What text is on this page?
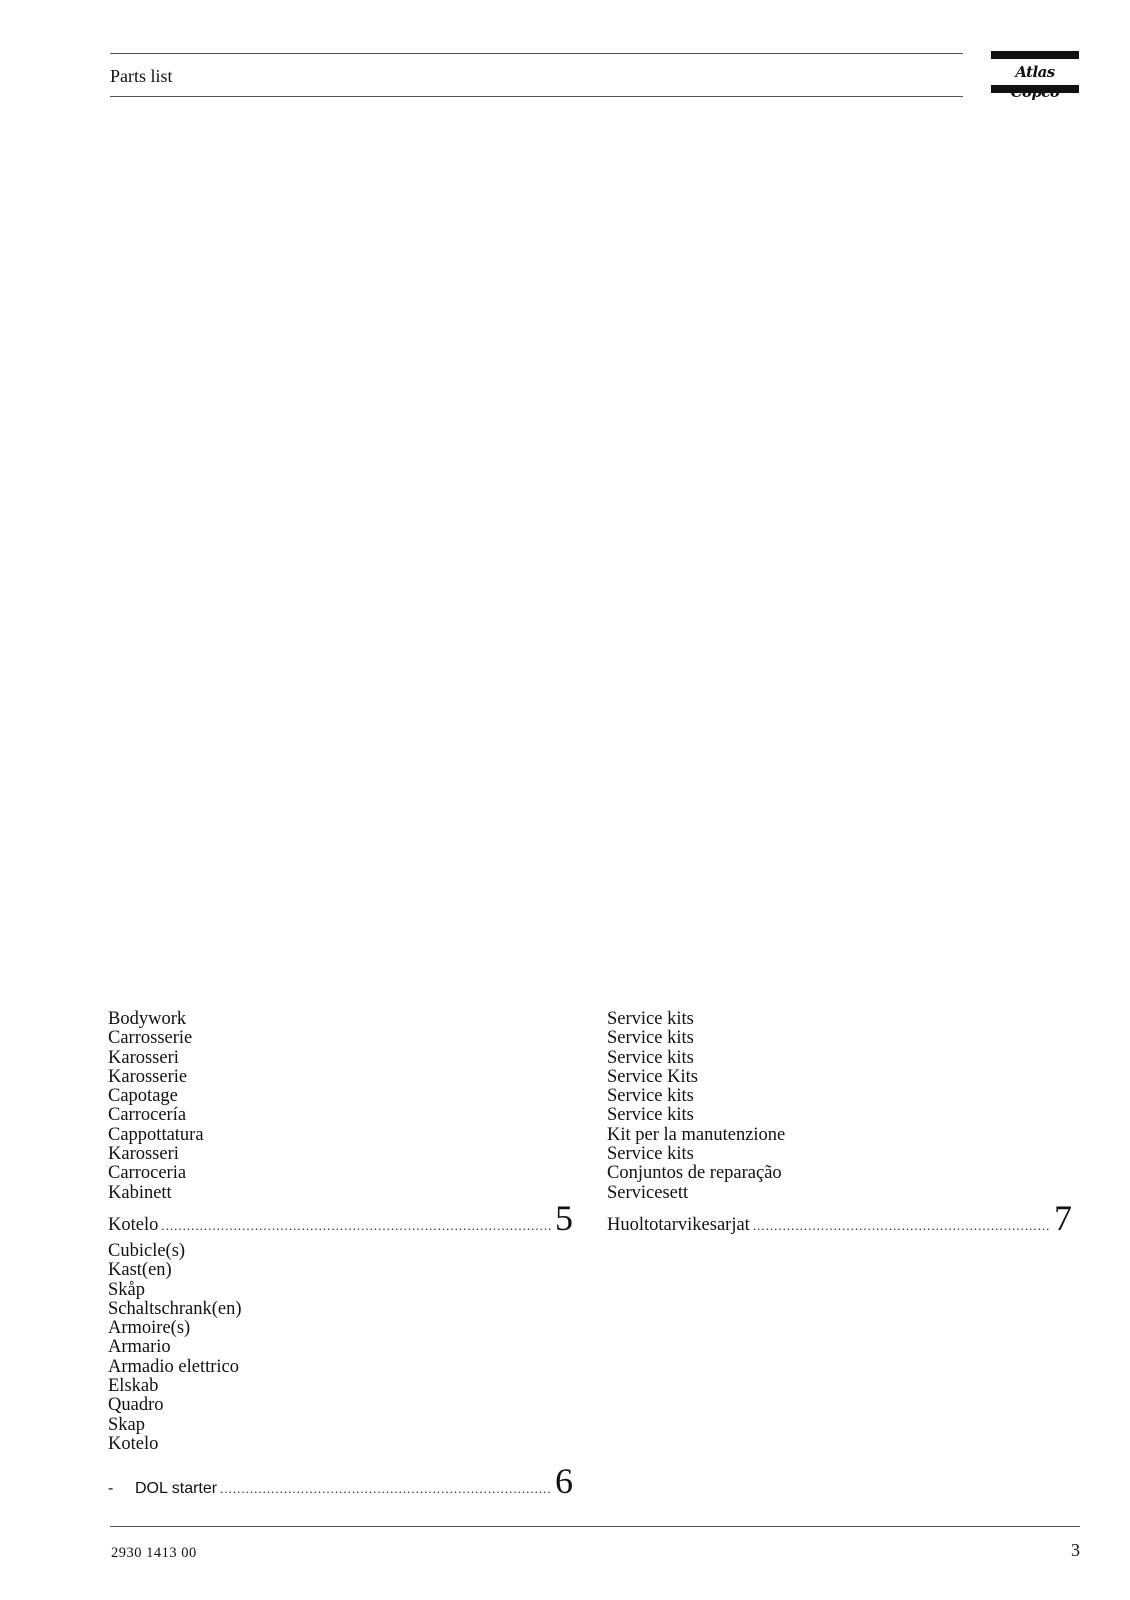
Parts list	Atlas
Bodywork
Carrosserie
Karosseri
Karosserie
Capotage
Carrocería
Cappottatura
Karosseri
Carroceria
Kabinett
Kotelo .....	5
Cubicle(s)
Kast(en)
Skåp
Schaltschrank(en)
Armoire(s)
Armario
Armadio elettrico
Elskab
Quadro
Skap
Kotelo
-	DOL starter .....	6
Service kits
Service kits
Service kits
Service Kits
Service kits
Service kits
Kit per la manutenzione
Service kits
Conjuntos de reparação
Servicesett
Huoltotarvikesarjat .....	7
2930 1413 00	3
